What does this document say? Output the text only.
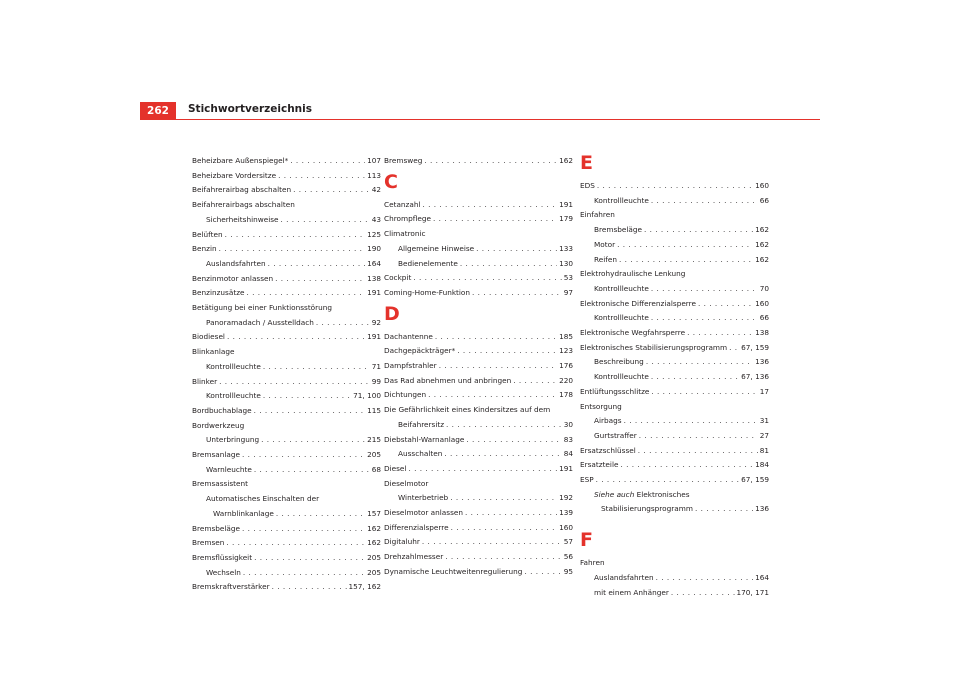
262	Stichwortverzeichnis
Beheizbare Außenspiegel* . . .	107
Beheizbare Vordersitze . . .	113
Beifahrerairbag abschalten . . .	42
Beifahrerairbags abschalten
Sicherheitshinweise . . .	43
Belüften . . .	125
Benzin . . .	190
Auslandsfahrten . . .	164
Benzinmotor anlassen . . .	138
Benzinzusätze . . .	191
Betätigung bei einer Funktionsstörung
Panoramadach / Ausstelldach . . .	92
Biodiesel . . .	191
Blinkanlage
Kontrollleuchte . . .	71
Blinker . . .	99
Kontrollleuchte . . .	71, 100
Bordbuchablage . . .	115
Bordwerkzeug
Unterbringung . . .	215
Bremsanlage . . .	205
Warnleuchte . . .	68
Bremsassistent
Automatisches Einschalten der
Warnblinkanlage . . .	157
Bremsbeläge . . .	162
Bremsen . . .	162
Bremsflüssigkeit . . .	205
Wechseln . . .	205
Bremskraftverstärker . . .	157, 162
Bremsweg . . .	162
C
Cetanzahl . . .	191
Chrompflege . . .	179
Climatronic
Allgemeine Hinweise . . .	133
Bedienelemente . . .	130
Cockpit . . .	53
Coming-Home-Funktion . . .	97
D
Dachantenne . . .	185
Dachgepäckträger* . . .	123
Dampfstrahler . . .	176
Das Rad abnehmen und anbringen . . .	220
Dichtungen . . .	178
Die Gefährlichkeit eines Kindersitzes auf dem
Beifahrersitz . . .	30
Diebstahl-Warnanlage . . .	83
Ausschalten . . .	84
Diesel . . .	191
Dieselmotor
Winterbetrieb . . .	192
Dieselmotor anlassen . . .	139
Differenzialsperre . . .	160
Digitaluhr . . .	57
Drehzahlmesser . . .	56
Dynamische Leuchtweitenregulierung . . .	95
E
EDS . . .	160
Kontrollleuchte . . .	66
Einfahren
Bremsbeläge . . .	162
Motor . . .	162
Reifen . . .	162
Elektrohydraulische Lenkung
Kontrollleuchte . . .	70
Elektronische Differenzialsperre . . .	160
Kontrollleuchte . . .	66
Elektronische Wegfahrsperre . . .	138
Elektronisches Stabilisierungsprogramm . . . 67, 159
Beschreibung . . .	136
Kontrollleuchte . . .	67, 136
Entlüftungsschlitze . . .	17
Entsorgung
Airbags . . .	31
Gurtstraffer . . .	27
Ersatzschlüssel . . .	81
Ersatzteile . . .	184
ESP . . .	67, 159
Siehe auch Elektronisches
Stabilisierungsprogramm . . .	136
F
Fahren
Auslandsfahrten . . .	164
mit einem Anhänger . . .	170, 171
